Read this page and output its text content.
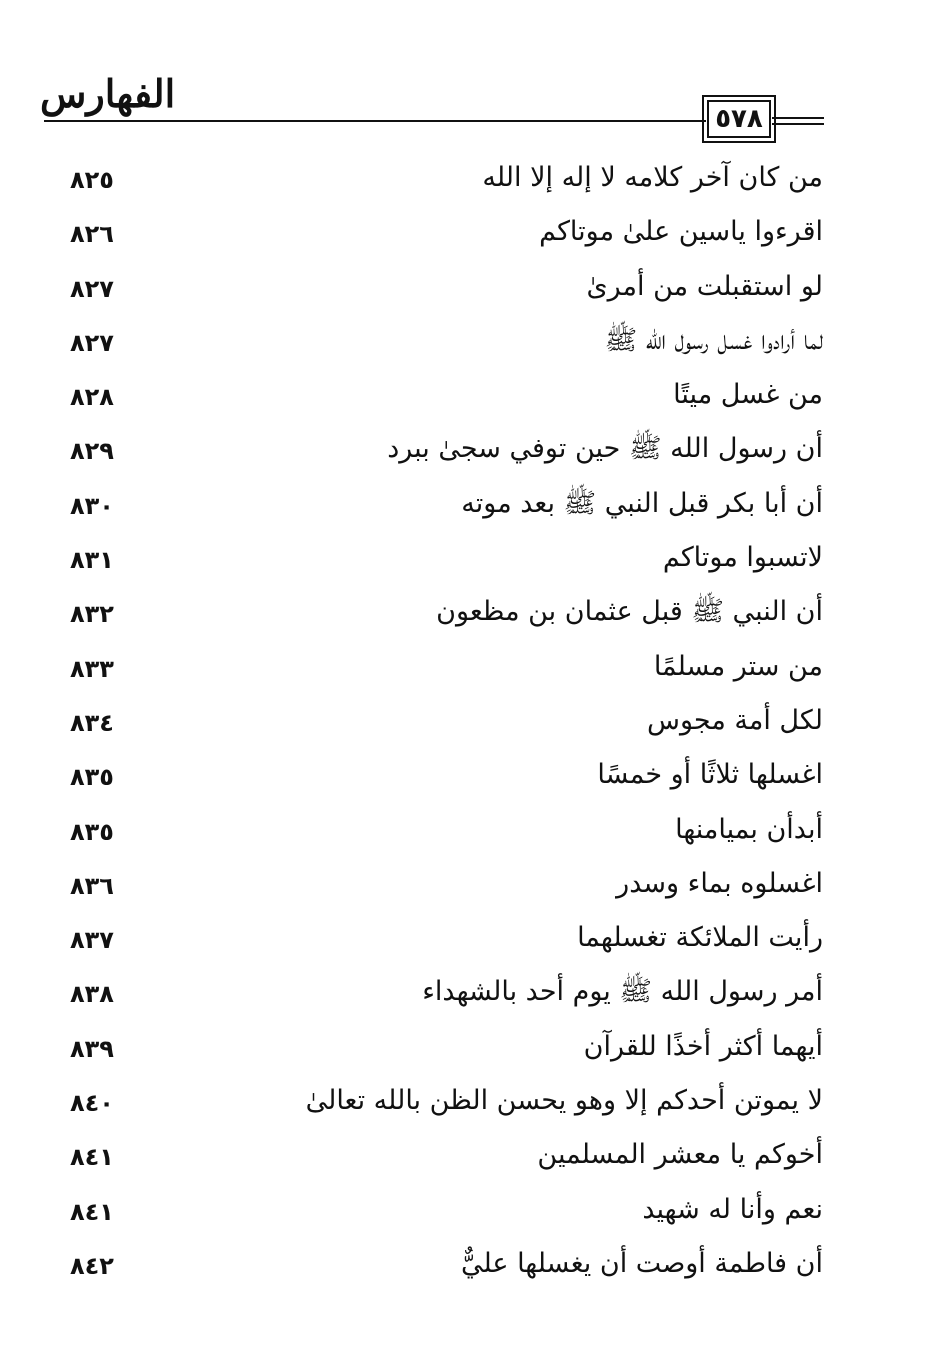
الفهارس
٥٧٨
من كان آخر كلامه لا إله إلا الله
٨٢٥
اقرءوا ياسين علىٰ موتاكم
٨٢٦
لو استقبلت من أمرىٰ
٨٢٧
لما أرادوا غسل رسول الله ﷺ
٨٢٧
من غسل ميتًا
٨٢٨
أن رسول الله ﷺ حين توفي سجىٰ ببرد
٨٢٩
أن أبا بكر قبل النبي ﷺ بعد موته
٨٣٠
لاتسبوا موتاكم
٨٣١
أن النبي ﷺ قبل عثمان بن مظعون
٨٣٢
من ستر مسلمًا
٨٣٣
لكل أمة مجوس
٨٣٤
اغسلها ثلاثًا أو خمسًا
٨٣٥
أبدأن بميامنها
٨٣٥
اغسلوه بماء وسدر
٨٣٦
رأيت الملائكة تغسلهما
٨٣٧
أمر رسول الله ﷺ يوم أحد بالشهداء
٨٣٨
أيهما أكثر أخذًا للقرآن
٨٣٩
لا يموتن أحدكم إلا وهو يحسن الظن بالله تعالىٰ
٨٤٠
أخوكم يا معشر المسلمين
٨٤١
نعم وأنا له شهيد
٨٤١
أن فاطمة أوصت أن يغسلها عليٌّ
٨٤٢
